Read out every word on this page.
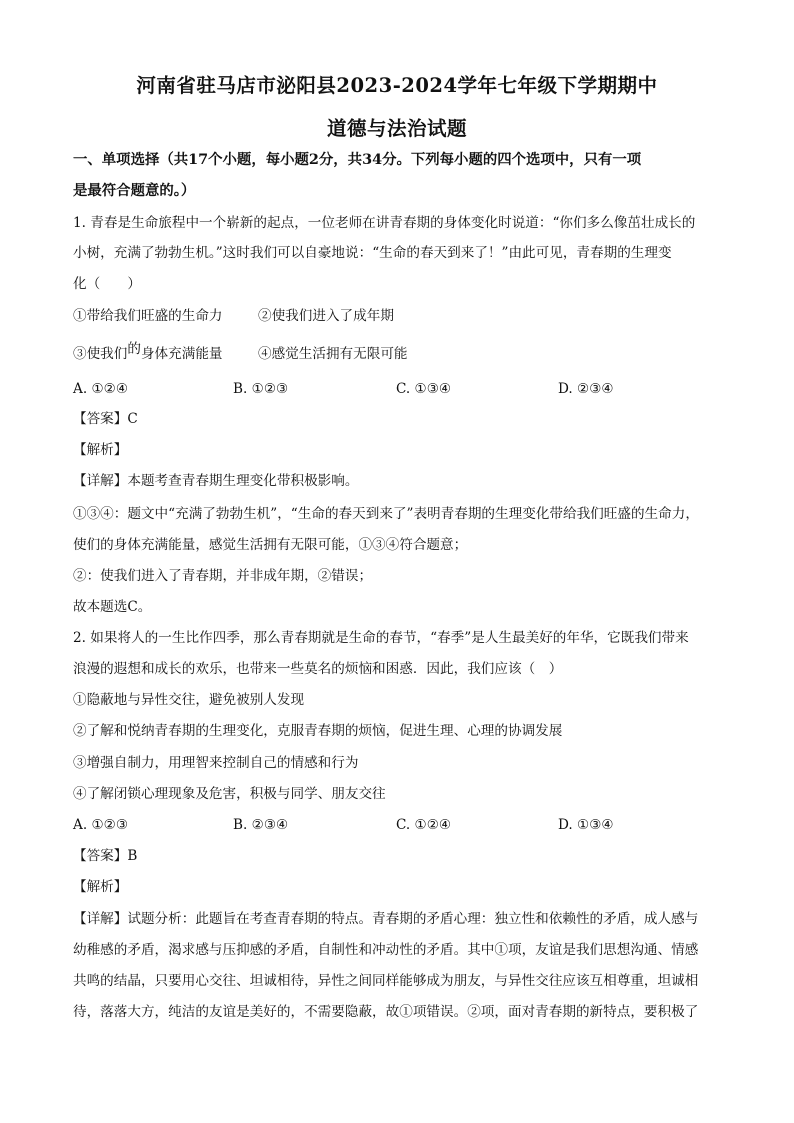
河南省驻马店市泌阳县2023-2024学年七年级下学期期中
道德与法治试题
一、单项选择（共17个小题，每小题2分，共34分。下列每小题的四个选项中，只有一项
是最符合题意的。）
1. 青春是生命旅程中一个崭新的起点，一位老师在讲青春期的身体变化时说道：“你们多么像茁壮成长的
小树，充满了勃勃生机。”这时我们可以自豪地说：“生命的春天到来了！”由此可见，青春期的生理变
化（　　）
①带给我们旺盛的生命力	②使我们进入了成年期
③使我们的身体充满能量	④感觉生活拥有无限可能
A. ①②④	B. ①②③	C. ①③④	D. ②③④
【答案】C
【解析】
【详解】本题考查青春期生理变化带积极影响。
①③④：题文中“充满了勃勃生机”，“生命的春天到来了”表明青春期的生理变化带给我们旺盛的生命力，
使们的身体充满能量，感觉生活拥有无限可能，①③④符合题意；
②：使我们进入了青春期，并非成年期，②错误；
故本题选C。
2. 如果将人的一生比作四季，那么青春期就是生命的春节，“春季”是人生最美好的年华，它既我们带来
浪漫的遐想和成长的欢乐，也带来一些莫名的烦恼和困惑．因此，我们应该（　）
①隐蔽地与异性交往，避免被别人发现
②了解和悦纳青春期的生理变化，克服青春期的烦恼，促进生理、心理的协调发展
③增强自制力，用理智来控制自己的情感和行为
④了解闭锁心理现象及危害，积极与同学、朋友交往
A. ①②③	B. ②③④	C. ①②④	D. ①③④
【答案】B
【解析】
【详解】试题分析：此题旨在考查青春期的特点。青春期的矛盾心理：独立性和依赖性的矛盾，成人感与
幼稚感的矛盾，渴求感与压抑感的矛盾，自制性和冲动性的矛盾。其中①项，友谊是我们思想沟通、情感
共鸣的结晶，只要用心交往、坦诚相待，异性之间同样能够成为朋友，与异性交往应该互相尊重，坦诚相
待，落落大方，纯洁的友谊是美好的，不需要隐蔽，故①项错误。②项，面对青春期的新特点，要积极了
